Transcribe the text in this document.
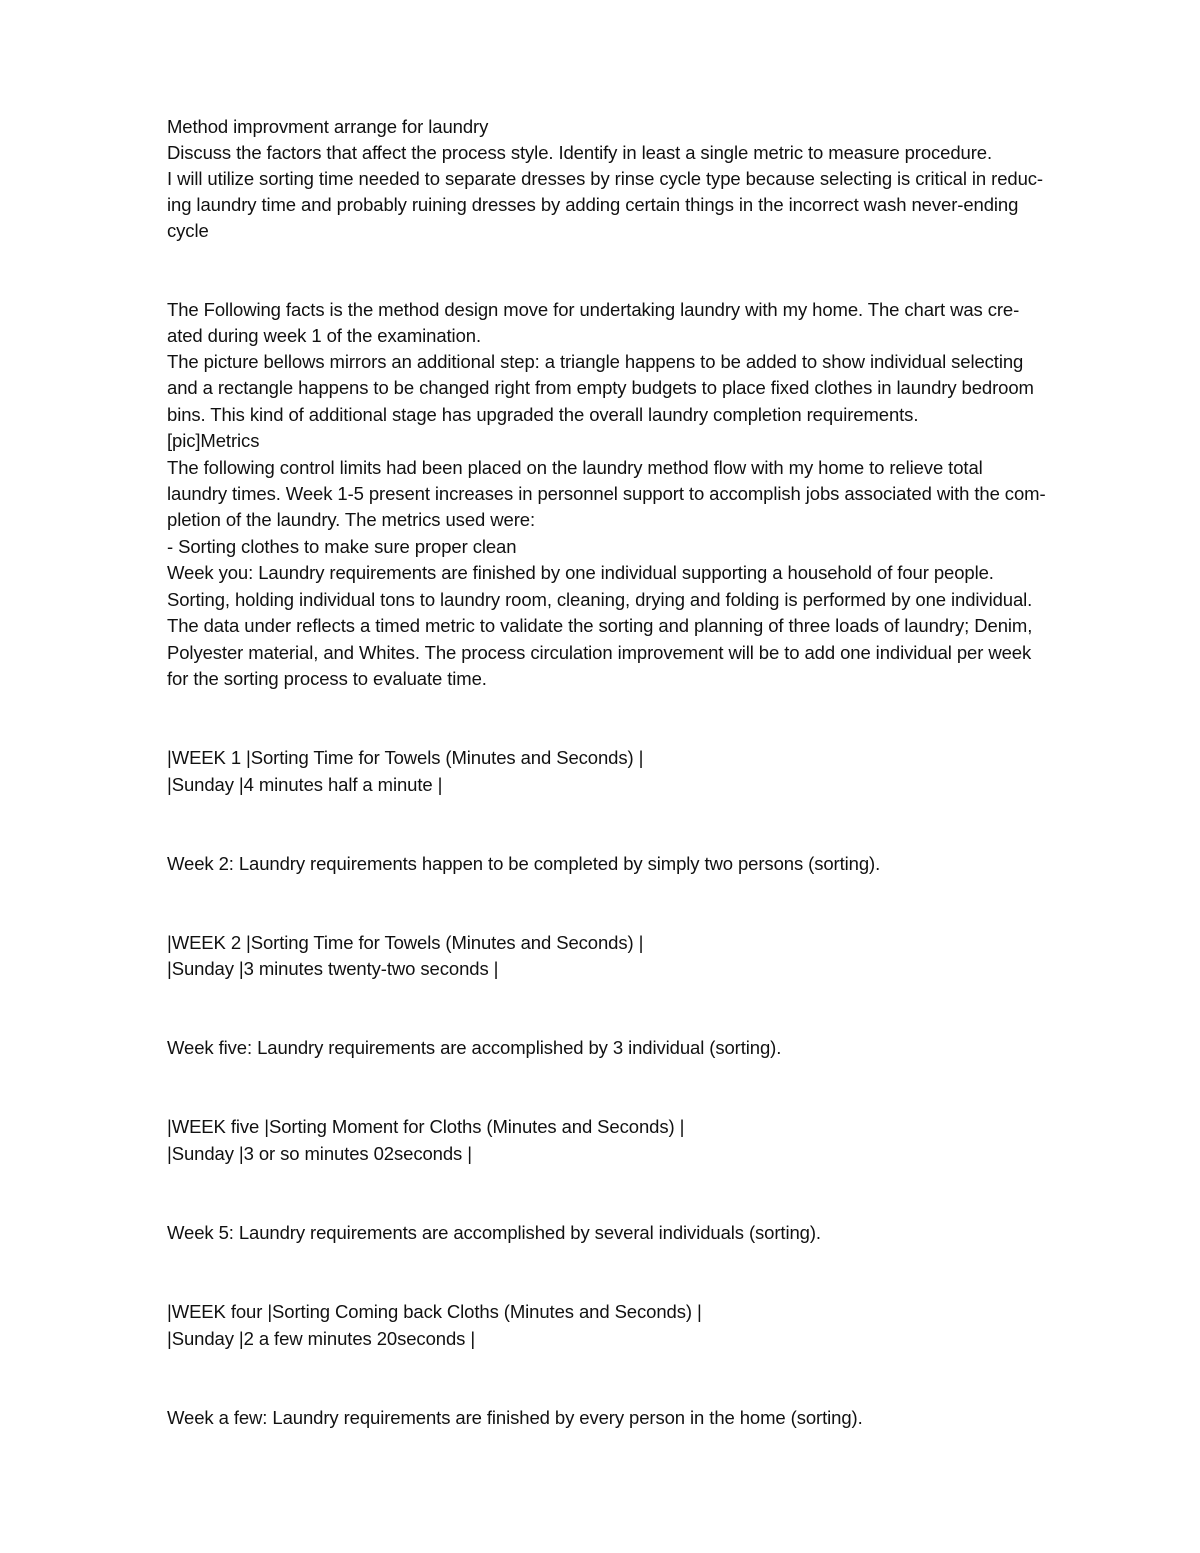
Method improvment arrange for laundry
Discuss the factors that affect the process style. Identify in least a single metric to measure procedure.
I will utilize sorting time needed to separate dresses by rinse cycle type because selecting is critical in reduc-
ing laundry time and probably ruining dresses by adding certain things in the incorrect wash never-ending
cycle
The Following facts is the method design move for undertaking laundry with my home. The chart was cre-
ated during week 1 of the examination.
The picture bellows mirrors an additional step: a triangle happens to be added to show individual selecting
and a rectangle happens to be changed right from empty budgets to place fixed clothes in laundry bedroom
bins. This kind of additional stage has upgraded the overall laundry completion requirements.
[pic]Metrics
The following control limits had been placed on the laundry method flow with my home to relieve total
laundry times. Week 1-5 present increases in personnel support to accomplish jobs associated with the com-
pletion of the laundry. The metrics used were:
- Sorting clothes to make sure proper clean
Week you: Laundry requirements are finished by one individual supporting a household of four people.
Sorting, holding individual tons to laundry room, cleaning, drying and folding is performed by one individual.
The data under reflects a timed metric to validate the sorting and planning of three loads of laundry; Denim,
Polyester material, and Whites. The process circulation improvement will be to add one individual per week
for the sorting process to evaluate time.
|WEEK 1 |Sorting Time for Towels (Minutes and Seconds) |
|Sunday |4 minutes half a minute |
Week 2: Laundry requirements happen to be completed by simply two persons (sorting).
|WEEK 2 |Sorting Time for Towels (Minutes and Seconds) |
|Sunday |3 minutes twenty-two seconds |
Week five: Laundry requirements are accomplished by 3 individual (sorting).
|WEEK five |Sorting Moment for Cloths (Minutes and Seconds) |
|Sunday |3 or so minutes 02seconds |
Week 5: Laundry requirements are accomplished by several individuals (sorting).
|WEEK four |Sorting Coming back Cloths (Minutes and Seconds) |
|Sunday |2 a few minutes 20seconds |
Week a few: Laundry requirements are finished by every person in the home (sorting).
